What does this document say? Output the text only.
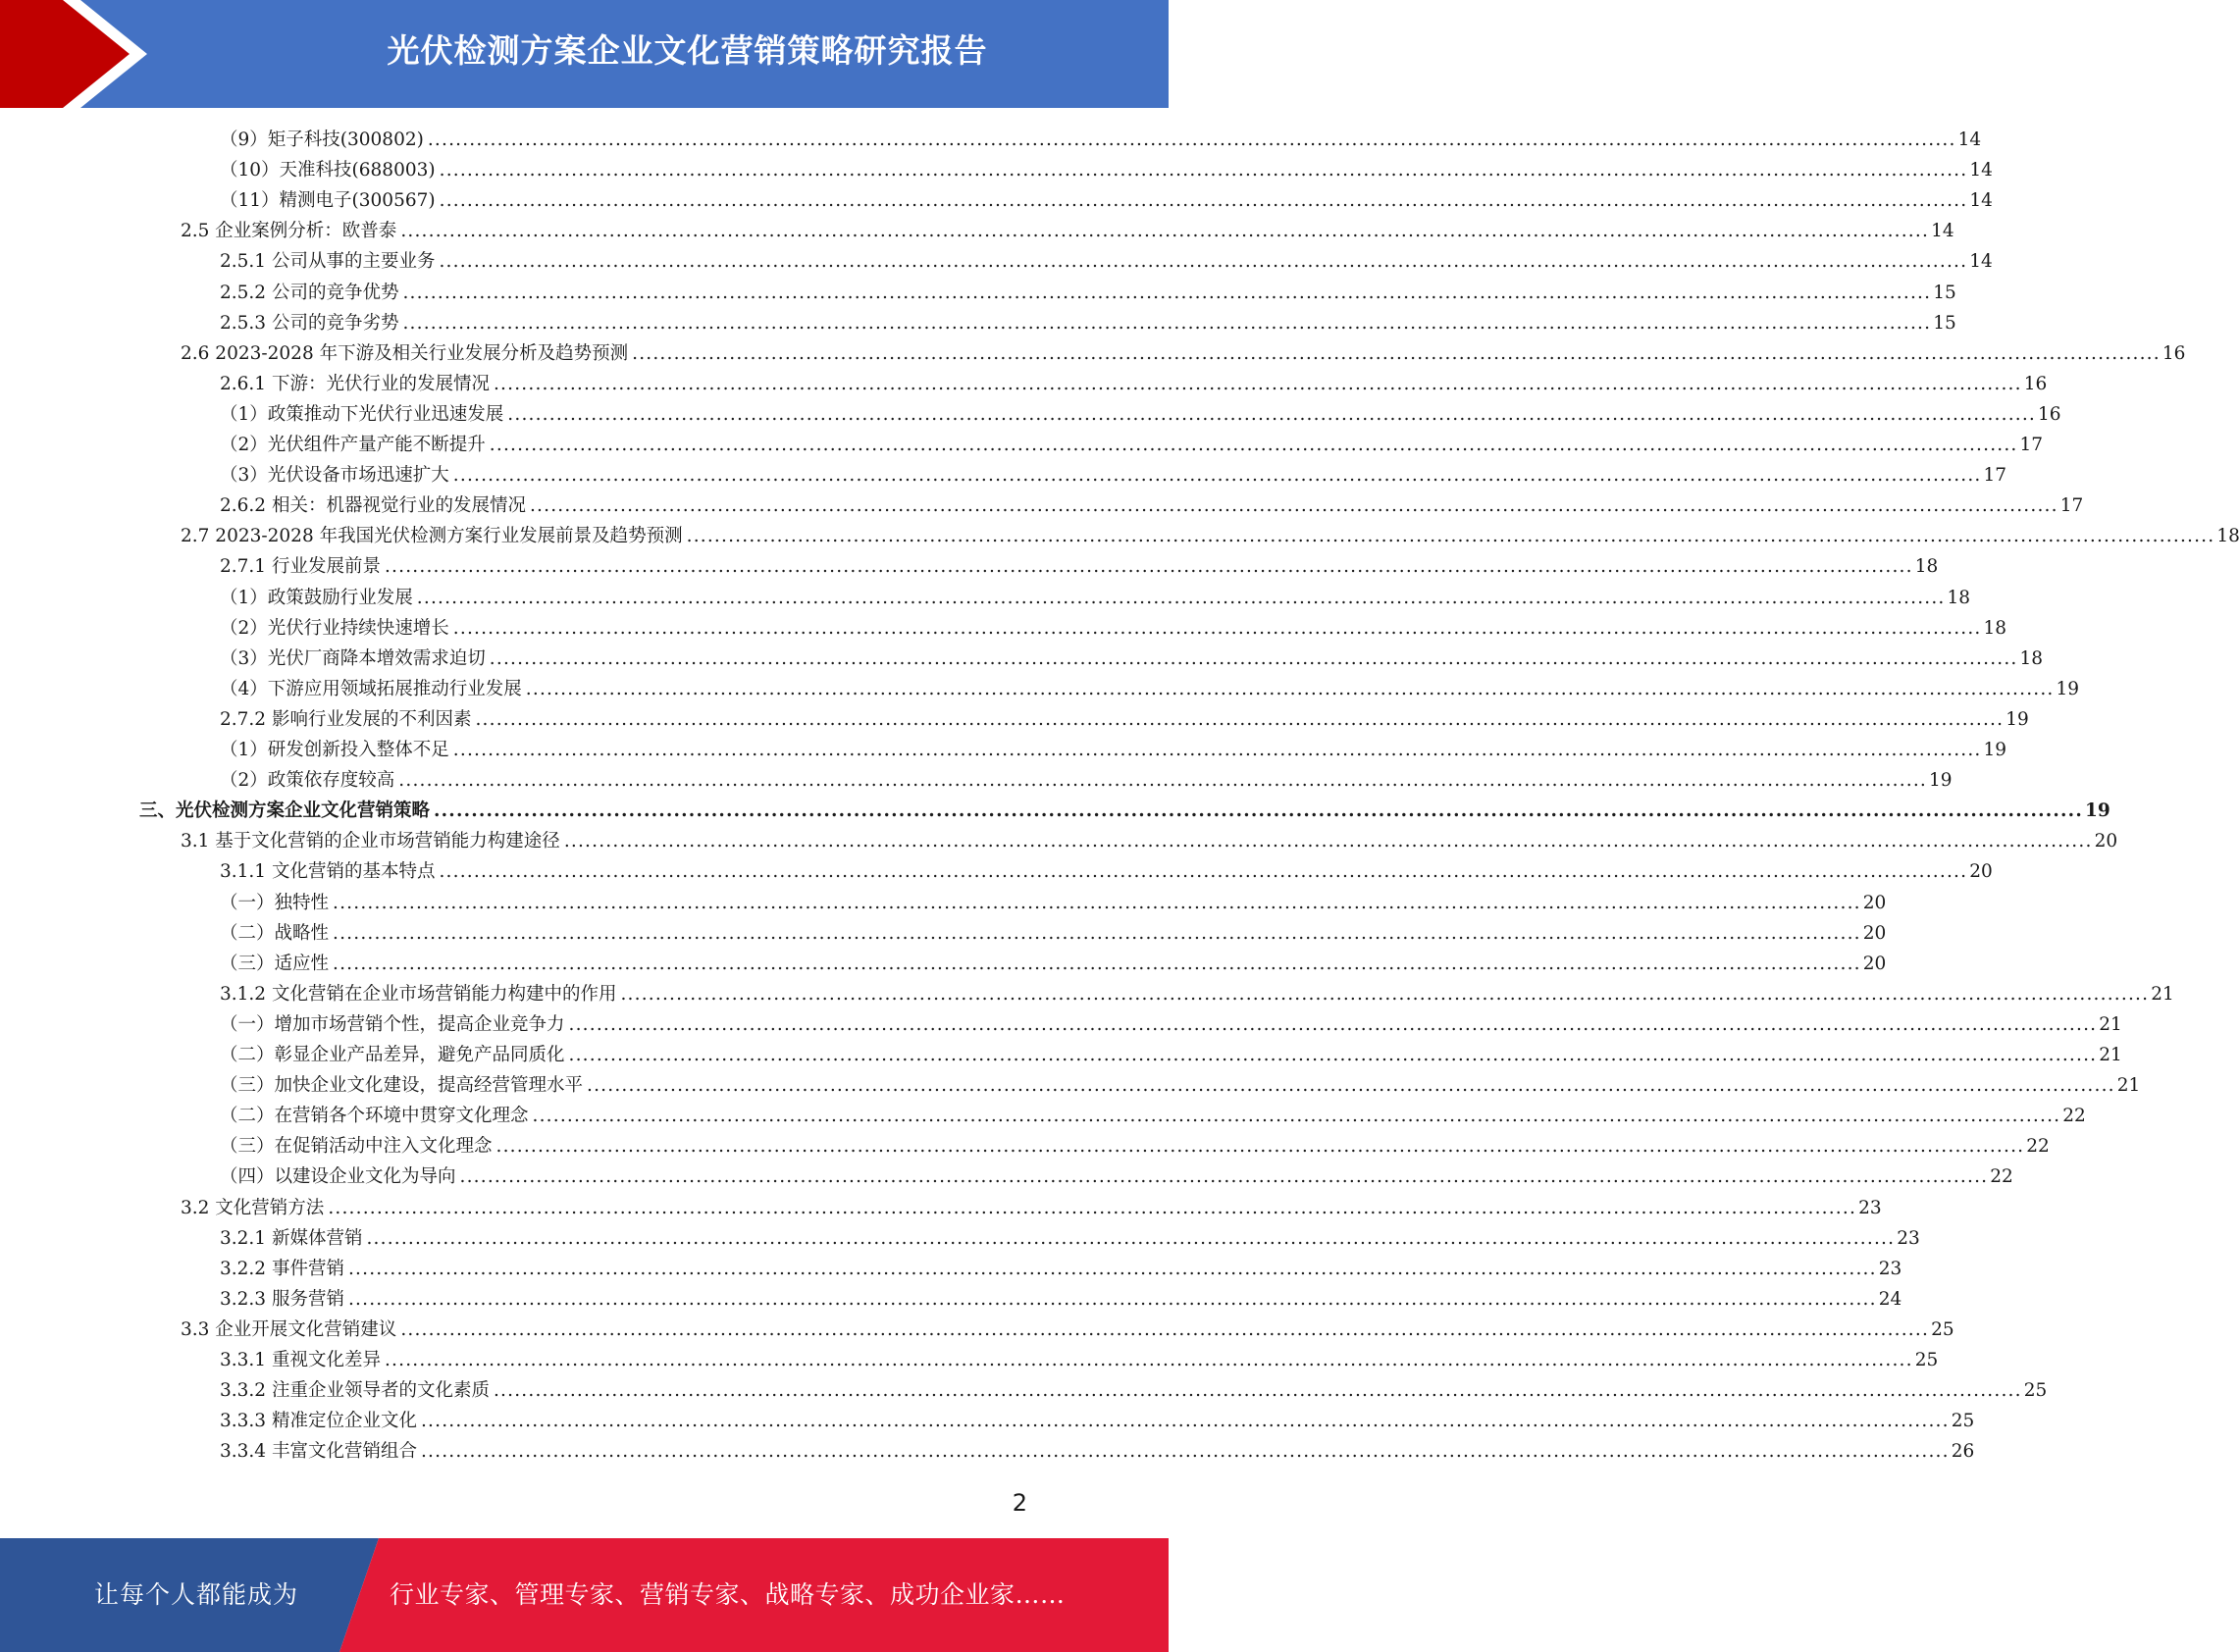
光伏检测方案企业文化营销策略研究报告
（9）矩子科技(300802) ............................................................................................................................................................................................................................ 14
（10）天准科技(688003) ............................................................................................................................................................................................................................ 14
（11）精测电子(300567) ............................................................................................................................................................................................................................ 14
2.5 企业案例分析：欧普泰 ............................................................................................................................................................................................................................ 14
2.5.1 公司从事的主要业务 ............................................................................................................................................................................................................................ 14
2.5.2 公司的竞争优势 ............................................................................................................................................................................................................................ 15
2.5.3 公司的竞争劣势 ............................................................................................................................................................................................................................ 15
2.6 2023-2028 年下游及相关行业发展分析及趋势预测 ............................................................................................................................................................................................................................ 16
2.6.1 下游：光伏行业的发展情况 ............................................................................................................................................................................................................................ 16
（1）政策推动下光伏行业迅速发展 ............................................................................................................................................................................................................................ 16
（2）光伏组件产量产能不断提升 ............................................................................................................................................................................................................................ 17
（3）光伏设备市场迅速扩大 ............................................................................................................................................................................................................................ 17
2.6.2 相关：机器视觉行业的发展情况 ............................................................................................................................................................................................................................ 17
2.7 2023-2028 年我国光伏检测方案行业发展前景及趋势预测 ............................................................................................................................................................................................................................ 18
2.7.1 行业发展前景 ............................................................................................................................................................................................................................ 18
（1）政策鼓励行业发展 ............................................................................................................................................................................................................................ 18
（2）光伏行业持续快速增长 ............................................................................................................................................................................................................................ 18
（3）光伏厂商降本增效需求迫切 ............................................................................................................................................................................................................................ 18
（4）下游应用领域拓展推动行业发展 ............................................................................................................................................................................................................................ 19
2.7.2 影响行业发展的不利因素 ............................................................................................................................................................................................................................ 19
（1）研发创新投入整体不足 ............................................................................................................................................................................................................................ 19
（2）政策依存度较高 ............................................................................................................................................................................................................................ 19
三、光伏检测方案企业文化营销策略 ............................................................................................................................................................................................................................ 19
3.1 基于文化营销的企业市场营销能力构建途径 ............................................................................................................................................................................................................................ 20
3.1.1 文化营销的基本特点 ............................................................................................................................................................................................................................ 20
（一）独特性 ............................................................................................................................................................................................................................ 20
（二）战略性 ............................................................................................................................................................................................................................ 20
（三）适应性 ............................................................................................................................................................................................................................ 20
3.1.2 文化营销在企业市场营销能力构建中的作用 ............................................................................................................................................................................................................................ 21
（一）增加市场营销个性，提高企业竞争力 ............................................................................................................................................................................................................................ 21
（二）彰显企业产品差异，避免产品同质化 ............................................................................................................................................................................................................................ 21
（三）加快企业文化建设，提高经营管理水平 ............................................................................................................................................................................................................................ 21
（二）在营销各个环境中贯穿文化理念 ............................................................................................................................................................................................................................ 22
（三）在促销活动中注入文化理念 ............................................................................................................................................................................................................................ 22
（四）以建设企业文化为导向 ............................................................................................................................................................................................................................ 22
3.2 文化营销方法 ............................................................................................................................................................................................................................ 23
3.2.1 新媒体营销 ............................................................................................................................................................................................................................ 23
3.2.2 事件营销 ............................................................................................................................................................................................................................ 23
3.2.3 服务营销 ............................................................................................................................................................................................................................ 24
3.3 企业开展文化营销建议 ............................................................................................................................................................................................................................ 25
3.3.1 重视文化差异 ............................................................................................................................................................................................................................ 25
3.3.2 注重企业领导者的文化素质 ............................................................................................................................................................................................................................ 25
3.3.3 精准定位企业文化 ............................................................................................................................................................................................................................ 25
3.3.4 丰富文化营销组合 ............................................................................................................................................................................................................................ 26
2
让每个人都能成为	行业专家、管理专家、营销专家、战略专家、成功企业家……
